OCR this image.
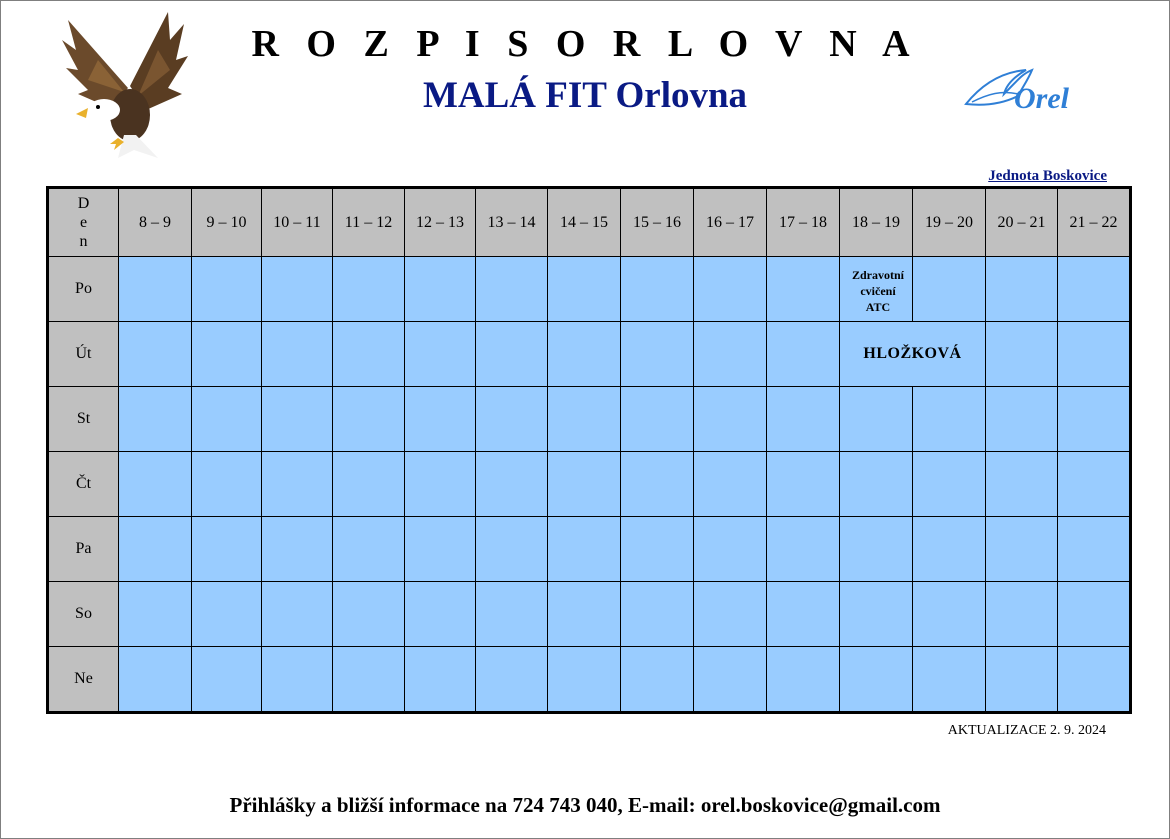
R O Z P I S O R L O V N A
MALÁ FIT Orlovna	Orel
Jednota Boskovice
D
e
n	8 – 9	9 – 10	10 – 11	11 – 12	12 – 13	13 – 14	14 – 15	15 – 16	16 – 17	17 – 18	18 – 19	19 – 20	20 – 21	21 – 22
Po											Zdravotní
cvičení
ATC			

Út											HLOŽKOVÁ			
St														
Čt														
Pa														
So														
Ne														
AKTUALIZACE 2. 9. 2024
Přihlášky a bližší informace na 724 743 040, E-mail: orel.boskovice@gmail.com
